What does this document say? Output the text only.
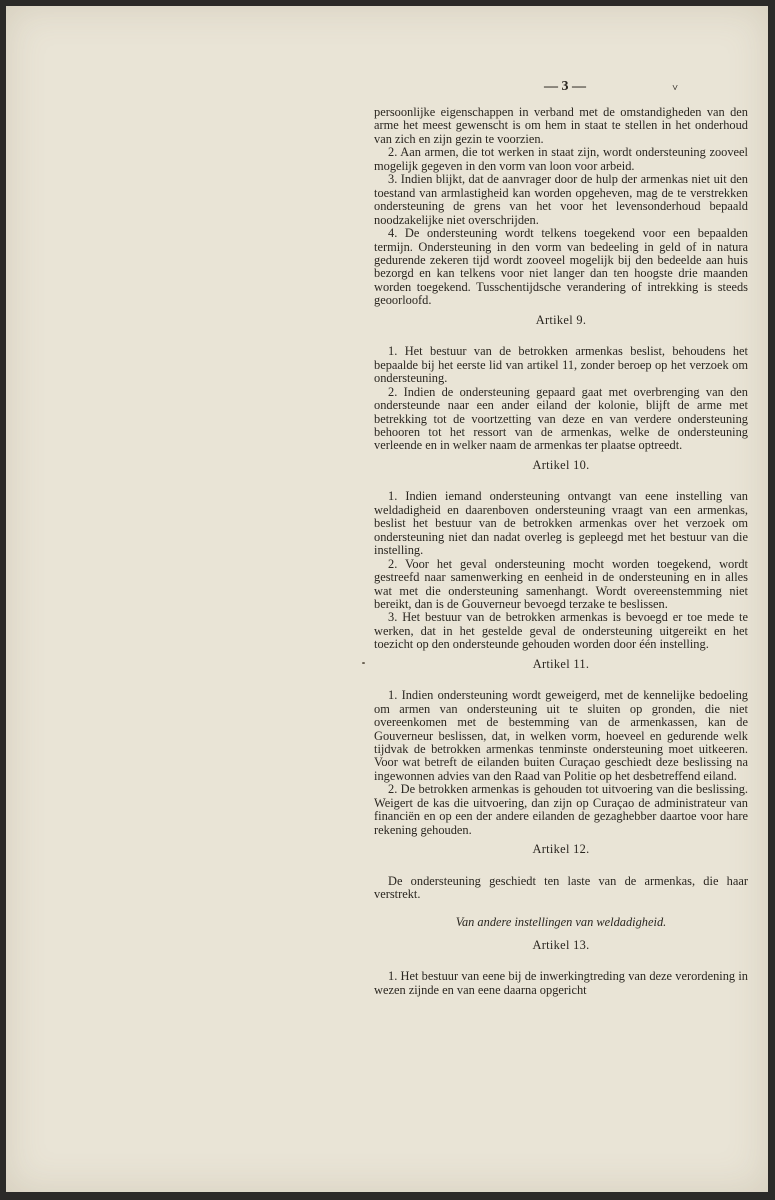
— 3 —	˅
persoonlijke eigenschappen in verband met de omstandigheden van den arme het meest gewenscht is om hem in staat te stellen in het onderhoud van zich en zijn gezin te voorzien.
2. Aan armen, die tot werken in staat zijn, wordt ondersteuning zooveel mogelijk gegeven in den vorm van loon voor arbeid.
3. Indien blijkt, dat de aanvrager door de hulp der armenkas niet uit den toestand van armlastigheid kan worden opgeheven, mag de te verstrekken ondersteuning de grens van het voor het levensonderhoud bepaald noodzakelijke niet overschrijden.
4. De ondersteuning wordt telkens toegekend voor een bepaalden termijn. Ondersteuning in den vorm van bedeeling in geld of in natura gedurende zekeren tijd wordt zooveel mogelijk bij den bedeelde aan huis bezorgd en kan telkens voor niet langer dan ten hoogste drie maanden worden toegekend. Tusschentijdsche verandering of intrekking is steeds geoorloofd.
Artikel 9.
1. Het bestuur van de betrokken armenkas beslist, behoudens het bepaalde bij het eerste lid van artikel 11, zonder beroep op het verzoek om ondersteuning.
2. Indien de ondersteuning gepaard gaat met overbrenging van den ondersteunde naar een ander eiland der kolonie, blijft de arme met betrekking tot de voortzetting van deze en van verdere ondersteuning behooren tot het ressort van de armenkas, welke de ondersteuning verleende en in welker naam de armenkas ter plaatse optreedt.
Artikel 10.
1. Indien iemand ondersteuning ontvangt van eene instelling van weldadigheid en daarenboven ondersteuning vraagt van een armenkas, beslist het bestuur van de betrokken armenkas over het verzoek om ondersteuning niet dan nadat overleg is gepleegd met het bestuur van die instelling.
2. Voor het geval ondersteuning mocht worden toegekend, wordt gestreefd naar samenwerking en eenheid in de ondersteuning en in alles wat met die ondersteuning samenhangt. Wordt overeenstemming niet bereikt, dan is de Gouverneur bevoegd terzake te beslissen.
3. Het bestuur van de betrokken armenkas is bevoegd er toe mede te werken, dat in het gestelde geval de ondersteuning uitgereikt en het toezicht op den ondersteunde gehouden worden door één instelling.
Artikel 11.
1. Indien ondersteuning wordt geweigerd, met de kennelijke bedoeling om armen van ondersteuning uit te sluiten op gronden, die niet overeenkomen met de bestemming van de armenkassen, kan de Gouverneur beslissen, dat, in welken vorm, hoeveel en gedurende welk tijdvak de betrokken armenkas tenminste ondersteuning moet uitkeeren. Voor wat betreft de eilanden buiten Curaçao geschiedt deze beslissing na ingewonnen advies van den Raad van Politie op het desbetreffend eiland.
2. De betrokken armenkas is gehouden tot uitvoering van die beslissing. Weigert de kas die uitvoering, dan zijn op Curaçao de administrateur van financiën en op een der andere eilanden de gezaghebber daartoe voor hare rekening gehouden.
Artikel 12.
De ondersteuning geschiedt ten laste van de armenkas, die haar verstrekt.
Van andere instellingen van weldadigheid.
Artikel 13.
1. Het bestuur van eene bij de inwerkingtreding van deze verordening in wezen zijnde en van eene daarna opgericht
